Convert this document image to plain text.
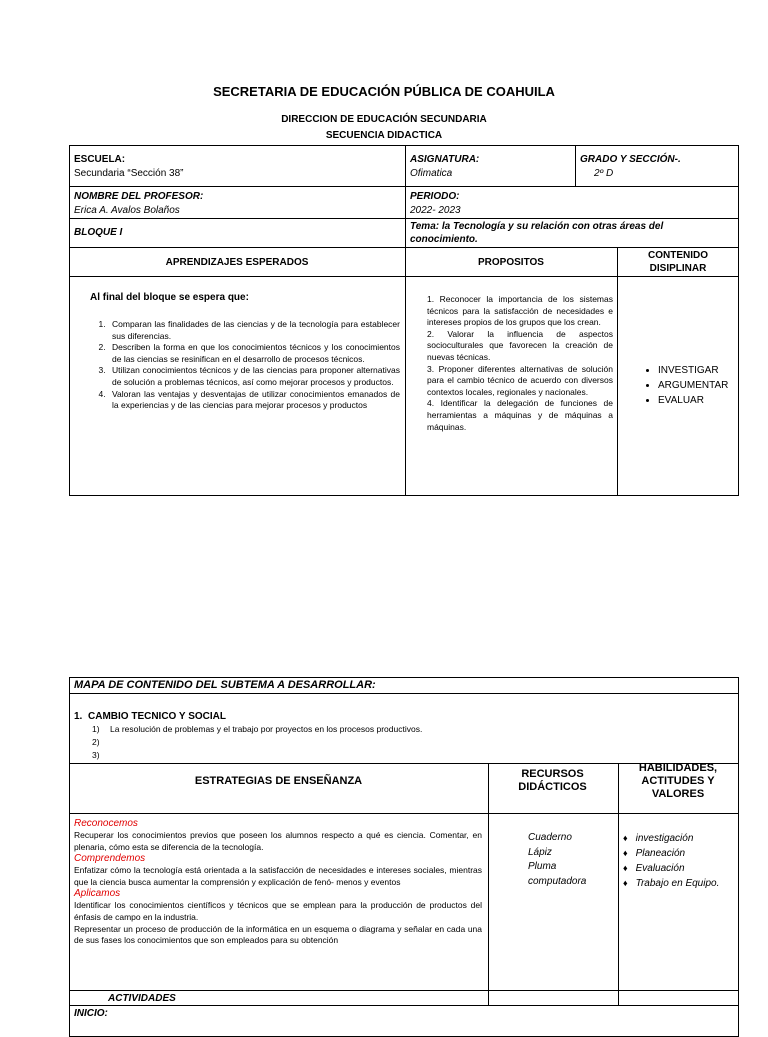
SECRETARIA DE EDUCACIÓN PÚBLICA DE COAHUILA
DIRECCION DE EDUCACIÓN SECUNDARIA
SECUENCIA DIDACTICA
ESCUELA:
Secundaria “Sección 38”
ASIGNATURA:
Ofimatica
GRADO Y SECCIÓN-.
2º D
NOMBRE DEL PROFESOR:
Erica A. Avalos Bolaños
PERIODO:
2022- 2023
BLOQUE I
Tema: la Tecnología y su relación con otras áreas del conocimiento.
APRENDIZAJES ESPERADOS	PROPOSITOS
CONTENIDO DISIPLINAR
Al final del bloque se espera que:
1. Comparan las finalidades de las ciencias y de la tecnología para establecer sus diferencias.
2. Describen la forma en que los conocimientos técnicos y los conocimientos de las ciencias se resinifican en el desarrollo de procesos técnicos.
3. Utilizan conocimientos técnicos y de las ciencias para proponer alternativas de solución a problemas técnicos, así como mejorar procesos y productos.
4. Valoran las ventajas y desventajas de utilizar conocimientos emanados de la experiencias y de las ciencias para mejorar procesos y productos
1. Reconocer la importancia de los sistemas técnicos para la satisfacción de necesidades e intereses propios de los grupos que los crean.
2. Valorar la influencia de aspectos socioculturales que favorecen la creación de nuevas técnicas.
3. Proponer diferentes alternativas de solución para el cambio técnico de acuerdo con diversos contextos locales, regionales y nacionales.
4. Identificar la delegación de funciones de herramientas a máquinas y de máquinas a máquinas.
• INVESTIGAR
• ARGUMENTAR
• EVALUAR
MAPA DE CONTENIDO DEL SUBTEMA A DESARROLLAR:
1. CAMBIO TECNICO Y SOCIAL
1) La resolución de problemas y el trabajo por proyectos en los procesos productivos.
2)
3)
ESTRATEGIAS DE ENSEÑANZA
RECURSOS DIDÁCTICOS
HABILIDADES, ACTITUDES Y VALORES
Reconocemos
Recuperar los conocimientos previos que poseen los alumnos respecto a qué es ciencia. Comentar, en plenaria, cómo esta se diferencia de la tecnología.
Comprendemos
Enfatizar cómo la tecnología está orientada a la satisfacción de necesidades e intereses sociales, mientras que la ciencia busca aumentar la comprensión y explicación de fenó- menos y eventos
Aplicamos
Identificar los conocimientos científicos y técnicos que se emplean para la producción de productos del énfasis de campo en la industria.
Representar un proceso de producción de la informática en un esquema o diagrama y señalar en cada una de sus fases los conocimientos que son empleados para su obtención
Cuaderno
Lápiz
Pluma
computadora
♦ investigación
♦ Planeación
♦ Evaluación
♦ Trabajo en Equipo.
ACTIVIDADES
INICIO:
